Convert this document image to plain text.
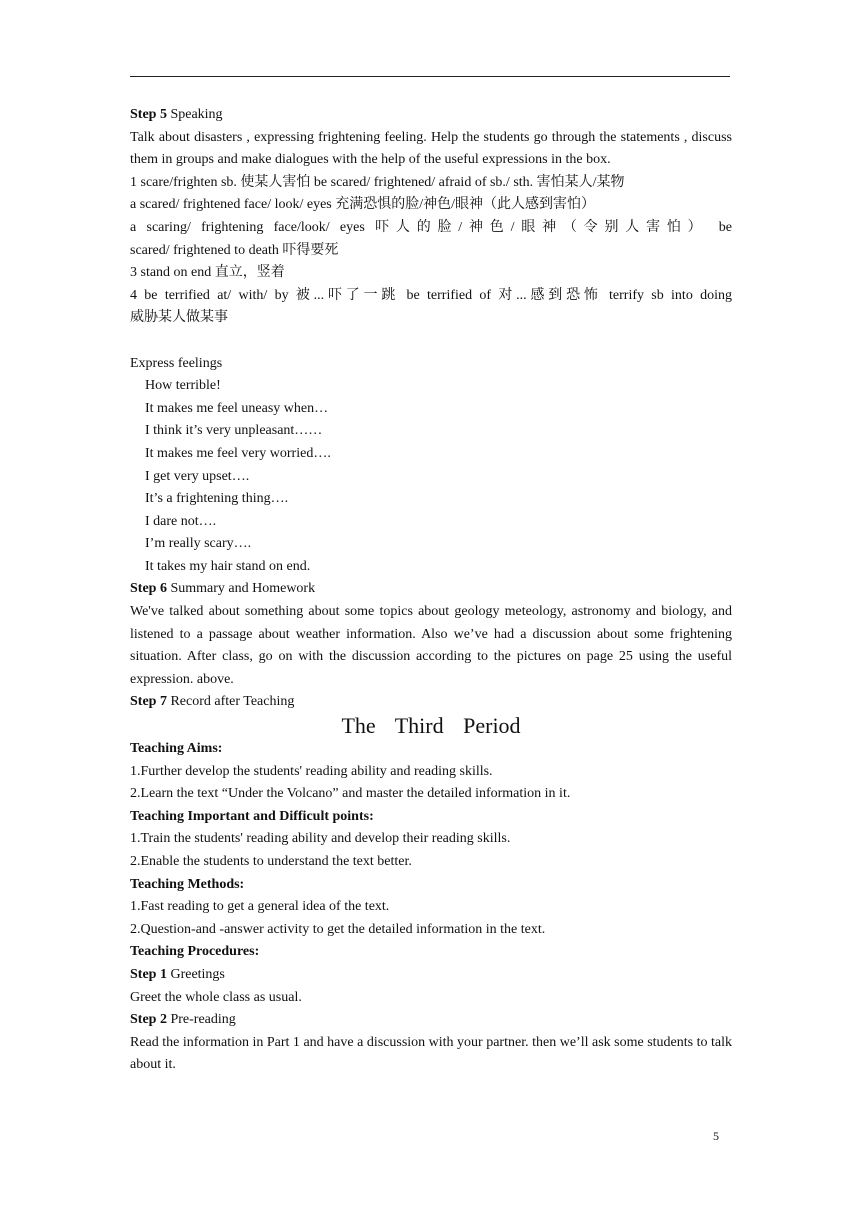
Step 5 Speaking

Talk about disasters , expressing frightening feeling. Help the students go through the statements , discuss them in groups and make dialogues with the help of the useful expressions in the box.

1 scare/frighten sb. 使某人害怕 be scared/ frightened/ afraid of sb./ sth. 害怕某人/某物

a scared/ frightened face/ look/ eyes 充满恐惧的脸/神色/眼神（此人感到害怕）

a scaring/ frightening face/look/ eyes 吓人的脸/神色/眼神（令别人害怕） be

scared/ frightened to death 吓得要死

3 stand on end 直立，竖着

4 be terrified at/ with/ by 被...吓了一跳 be terrified of 对...感到恐怖 terrify sb into doing

威胁某人做某事

Express feelings

How terrible!

It makes me feel uneasy when…

I think it’s very unpleasant……

It makes me feel very worried….

I get very upset….

It’s a frightening thing….

I dare not….

I’m really scary….

It takes my hair stand on end.

Step 6 Summary and Homework

We've talked about something about some topics about geology meteology, astronomy and biology, and listened to a passage about weather information. Also we’ve had a discussion about some frightening situation. After class, go on with the discussion according to the pictures on page 25 using the useful expression. above.

Step 7 Record after Teaching

The Third Period

Teaching Aims:

1.Further develop the students' reading ability and reading skills.

2.Learn the text “Under the Volcano” and master the detailed information in it.

Teaching Important and Difficult points:

1.Train the students' reading ability and develop their reading skills.

2.Enable the students to understand the text better.

Teaching Methods:

1.Fast reading to get a general idea of the text.

2.Question-and -answer activity to get the detailed information in the text.

Teaching Procedures:

Step 1 Greetings

Greet the whole class as usual.

Step 2 Pre-reading

Read the information in Part 1 and have a discussion with your partner. then we’ll ask some students to talk about it.

5
